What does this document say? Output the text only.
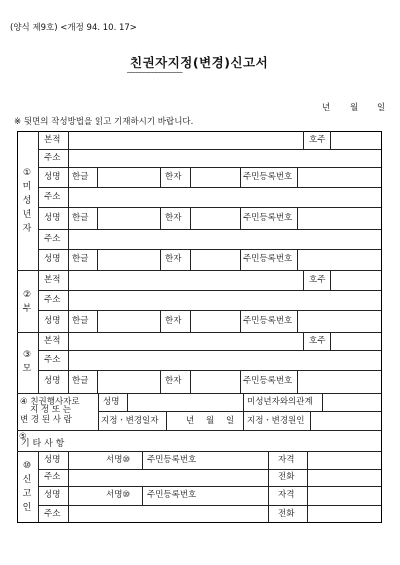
(양식 제9호) <개정 94. 10. 17>
친권자지정(변경)신고서
─────────────────
년 월 일
※ 뒷면의 작성방법을 읽고 기재하시기 바랍니다.
①
미
성
년
자
본적	호주
주소
성명 한글	한자	주민등록번호
주소
성명 한글	한자	주민등록번호
주소
성명 한글	한자	주민등록번호
②
부
본적	호주
주소
성명 한글	한자	주민등록번호
③
모
본적	호주
주소
성명 한글	한자	주민등록번호
④ 친권행사자로
지 정 또 는
변 경 된 사 람
성명	미성년자와의관계
지정ㆍ변경일자	년 월 일 지정ㆍ변경원인
⑤
기 타 사 항
⑩
신
고
인
성명	서명⑩ 주민등록번호	자격
주소	전화
성명	서명⑩ 주민등록번호	자격
주소	전화
